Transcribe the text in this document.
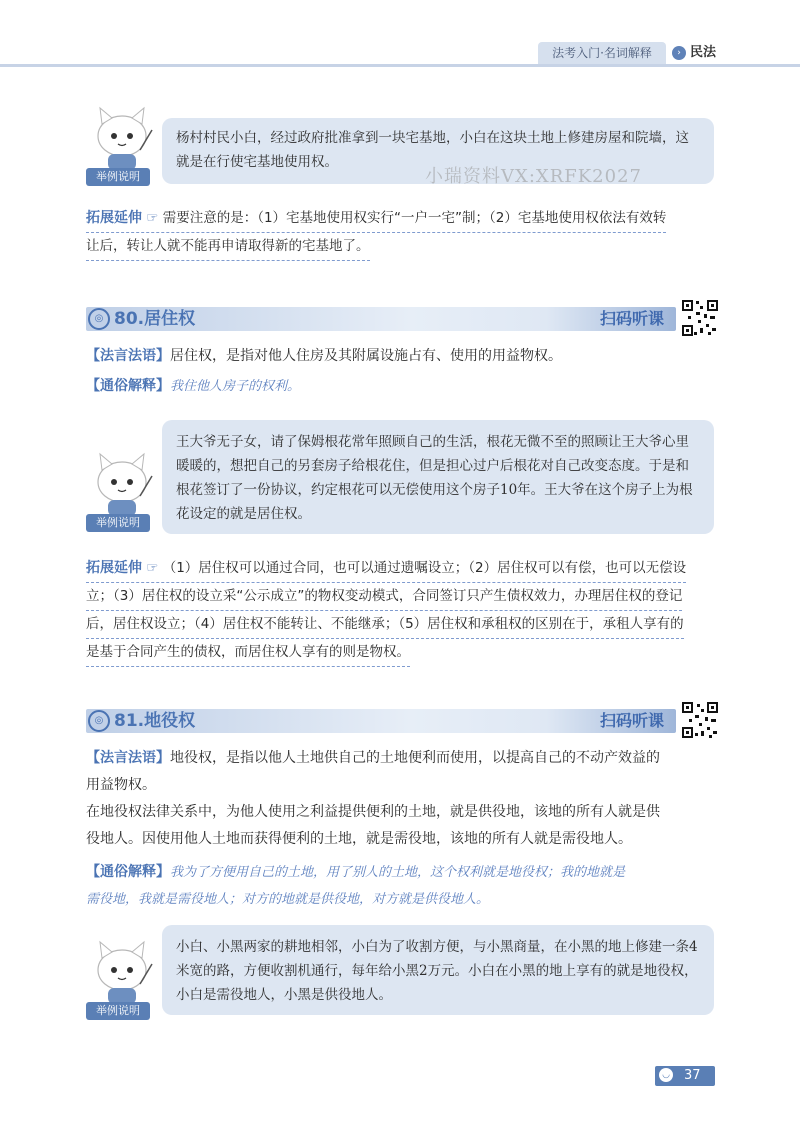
法考入门·名词解释	› 民法
举例说明
杨村村民小白，经过政府批准拿到一块宅基地，小白在这块土地上修建房屋和院墙，这就是在行使宅基地使用权。
小瑞资料VX:XRFK2027
拓展延伸 ☞ 需要注意的是：（1）宅基地使用权实行“一户一宅”制；（2）宅基地使用权依法有效转
让后，转让人就不能再申请取得新的宅基地了。
◎ 80.居住权	扫码听课
【法言法语】居住权，是指对他人住房及其附属设施占有、使用的用益物权。
【通俗解释】我住他人房子的权利。
举例说明
王大爷无子女，请了保姆根花常年照顾自己的生活，根花无微不至的照顾让王大爷心里暖暖的，想把自己的另套房子给根花住，但是担心过户后根花对自己改变态度。于是和根花签订了一份协议，约定根花可以无偿使用这个房子10年。王大爷在这个房子上为根花设定的就是居住权。
拓展延伸 ☞ （1）居住权可以通过合同，也可以通过遗嘱设立；（2）居住权可以有偿，也可以无偿设
立；（3）居住权的设立采“公示成立”的物权变动模式，合同签订只产生债权效力，办理居住权的登记
后，居住权设立；（4）居住权不能转让、不能继承；（5）居住权和承租权的区别在于，承租人享有的
是基于合同产生的债权，而居住权人享有的则是物权。
◎ 81.地役权	扫码听课
【法言法语】地役权，是指以他人土地供自己的土地便利而使用，以提高自己的不动产效益的
用益物权。
在地役权法律关系中，为他人使用之利益提供便利的土地，就是供役地，该地的所有人就是供
役地人。因使用他人土地而获得便利的土地，就是需役地，该地的所有人就是需役地人。
【通俗解释】我为了方便用自己的土地，用了别人的土地，这个权利就是地役权；我的地就是
需役地，我就是需役地人；对方的地就是供役地，对方就是供役地人。
举例说明
小白、小黑两家的耕地相邻，小白为了收割方便，与小黑商量，在小黑的地上修建一条4米宽的路，方便收割机通行，每年给小黑2万元。小白在小黑的地上享有的就是地役权，小白是需役地人，小黑是供役地人。
◡ 37
